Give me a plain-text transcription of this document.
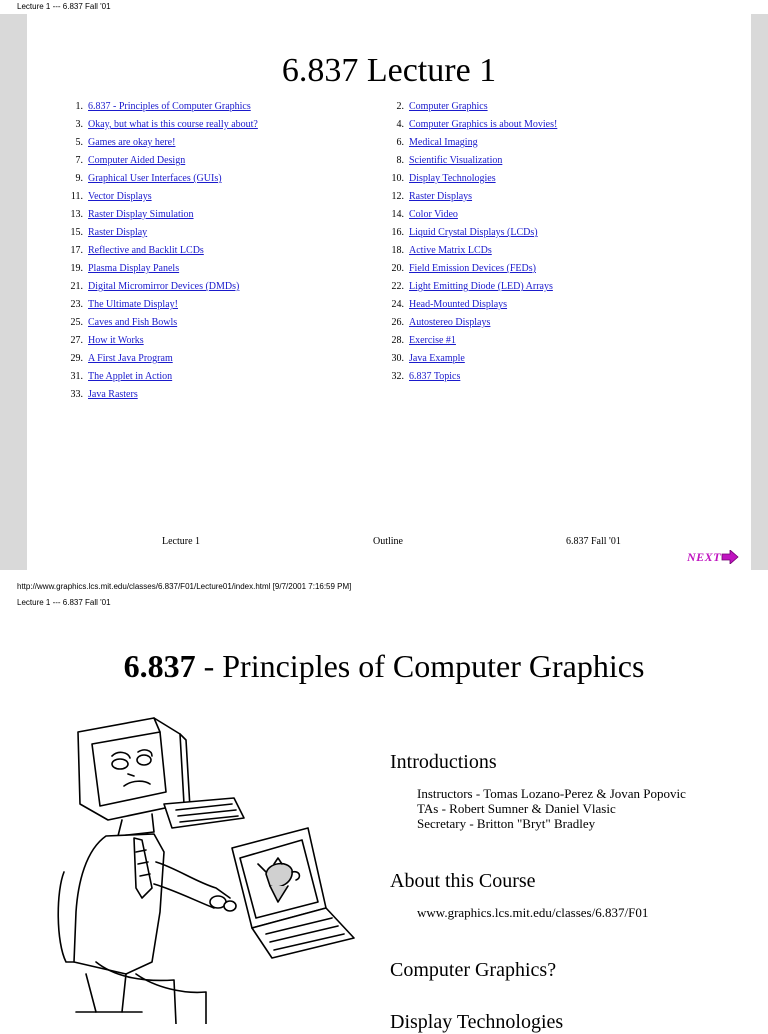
Lecture 1 --- 6.837 Fall '01
6.837 Lecture 1
1. 6.837 - Principles of Computer Graphics
3. Okay, but what is this course really about?
5. Games are okay here!
7. Computer Aided Design
9. Graphical User Interfaces (GUIs)
11. Vector Displays
13. Raster Display Simulation
15. Raster Display
17. Reflective and Backlit LCDs
19. Plasma Display Panels
21. Digital Micromirror Devices (DMDs)
23. The Ultimate Display!
25. Caves and Fish Bowls
27. How it Works
29. A First Java Program
31. The Applet in Action
33. Java Rasters
2. Computer Graphics
4. Computer Graphics is about Movies!
6. Medical Imaging
8. Scientific Visualization
10. Display Technologies
12. Raster Displays
14. Color Video
16. Liquid Crystal Displays (LCDs)
18. Active Matrix LCDs
20. Field Emission Devices (FEDs)
22. Light Emitting Diode (LED) Arrays
24. Head-Mounted Displays
26. Autostereo Displays
28. Exercise #1
30. Java Example
32. 6.837 Topics
Lecture 1	Outline	6.837 Fall '01
NEXT
http://www.graphics.lcs.mit.edu/classes/6.837/F01/Lecture01/index.html [9/7/2001 7:16:59 PM]
Lecture 1 --- 6.837 Fall '01
6.837 - Principles of Computer Graphics
Introductions
Instructors - Tomas Lozano-Perez & Jovan Popovic
TAs - Robert Sumner & Daniel Vlasic
Secretary - Britton "Bryt" Bradley
About this Course
www.graphics.lcs.mit.edu/classes/6.837/F01
Computer Graphics?
Display Technologies
